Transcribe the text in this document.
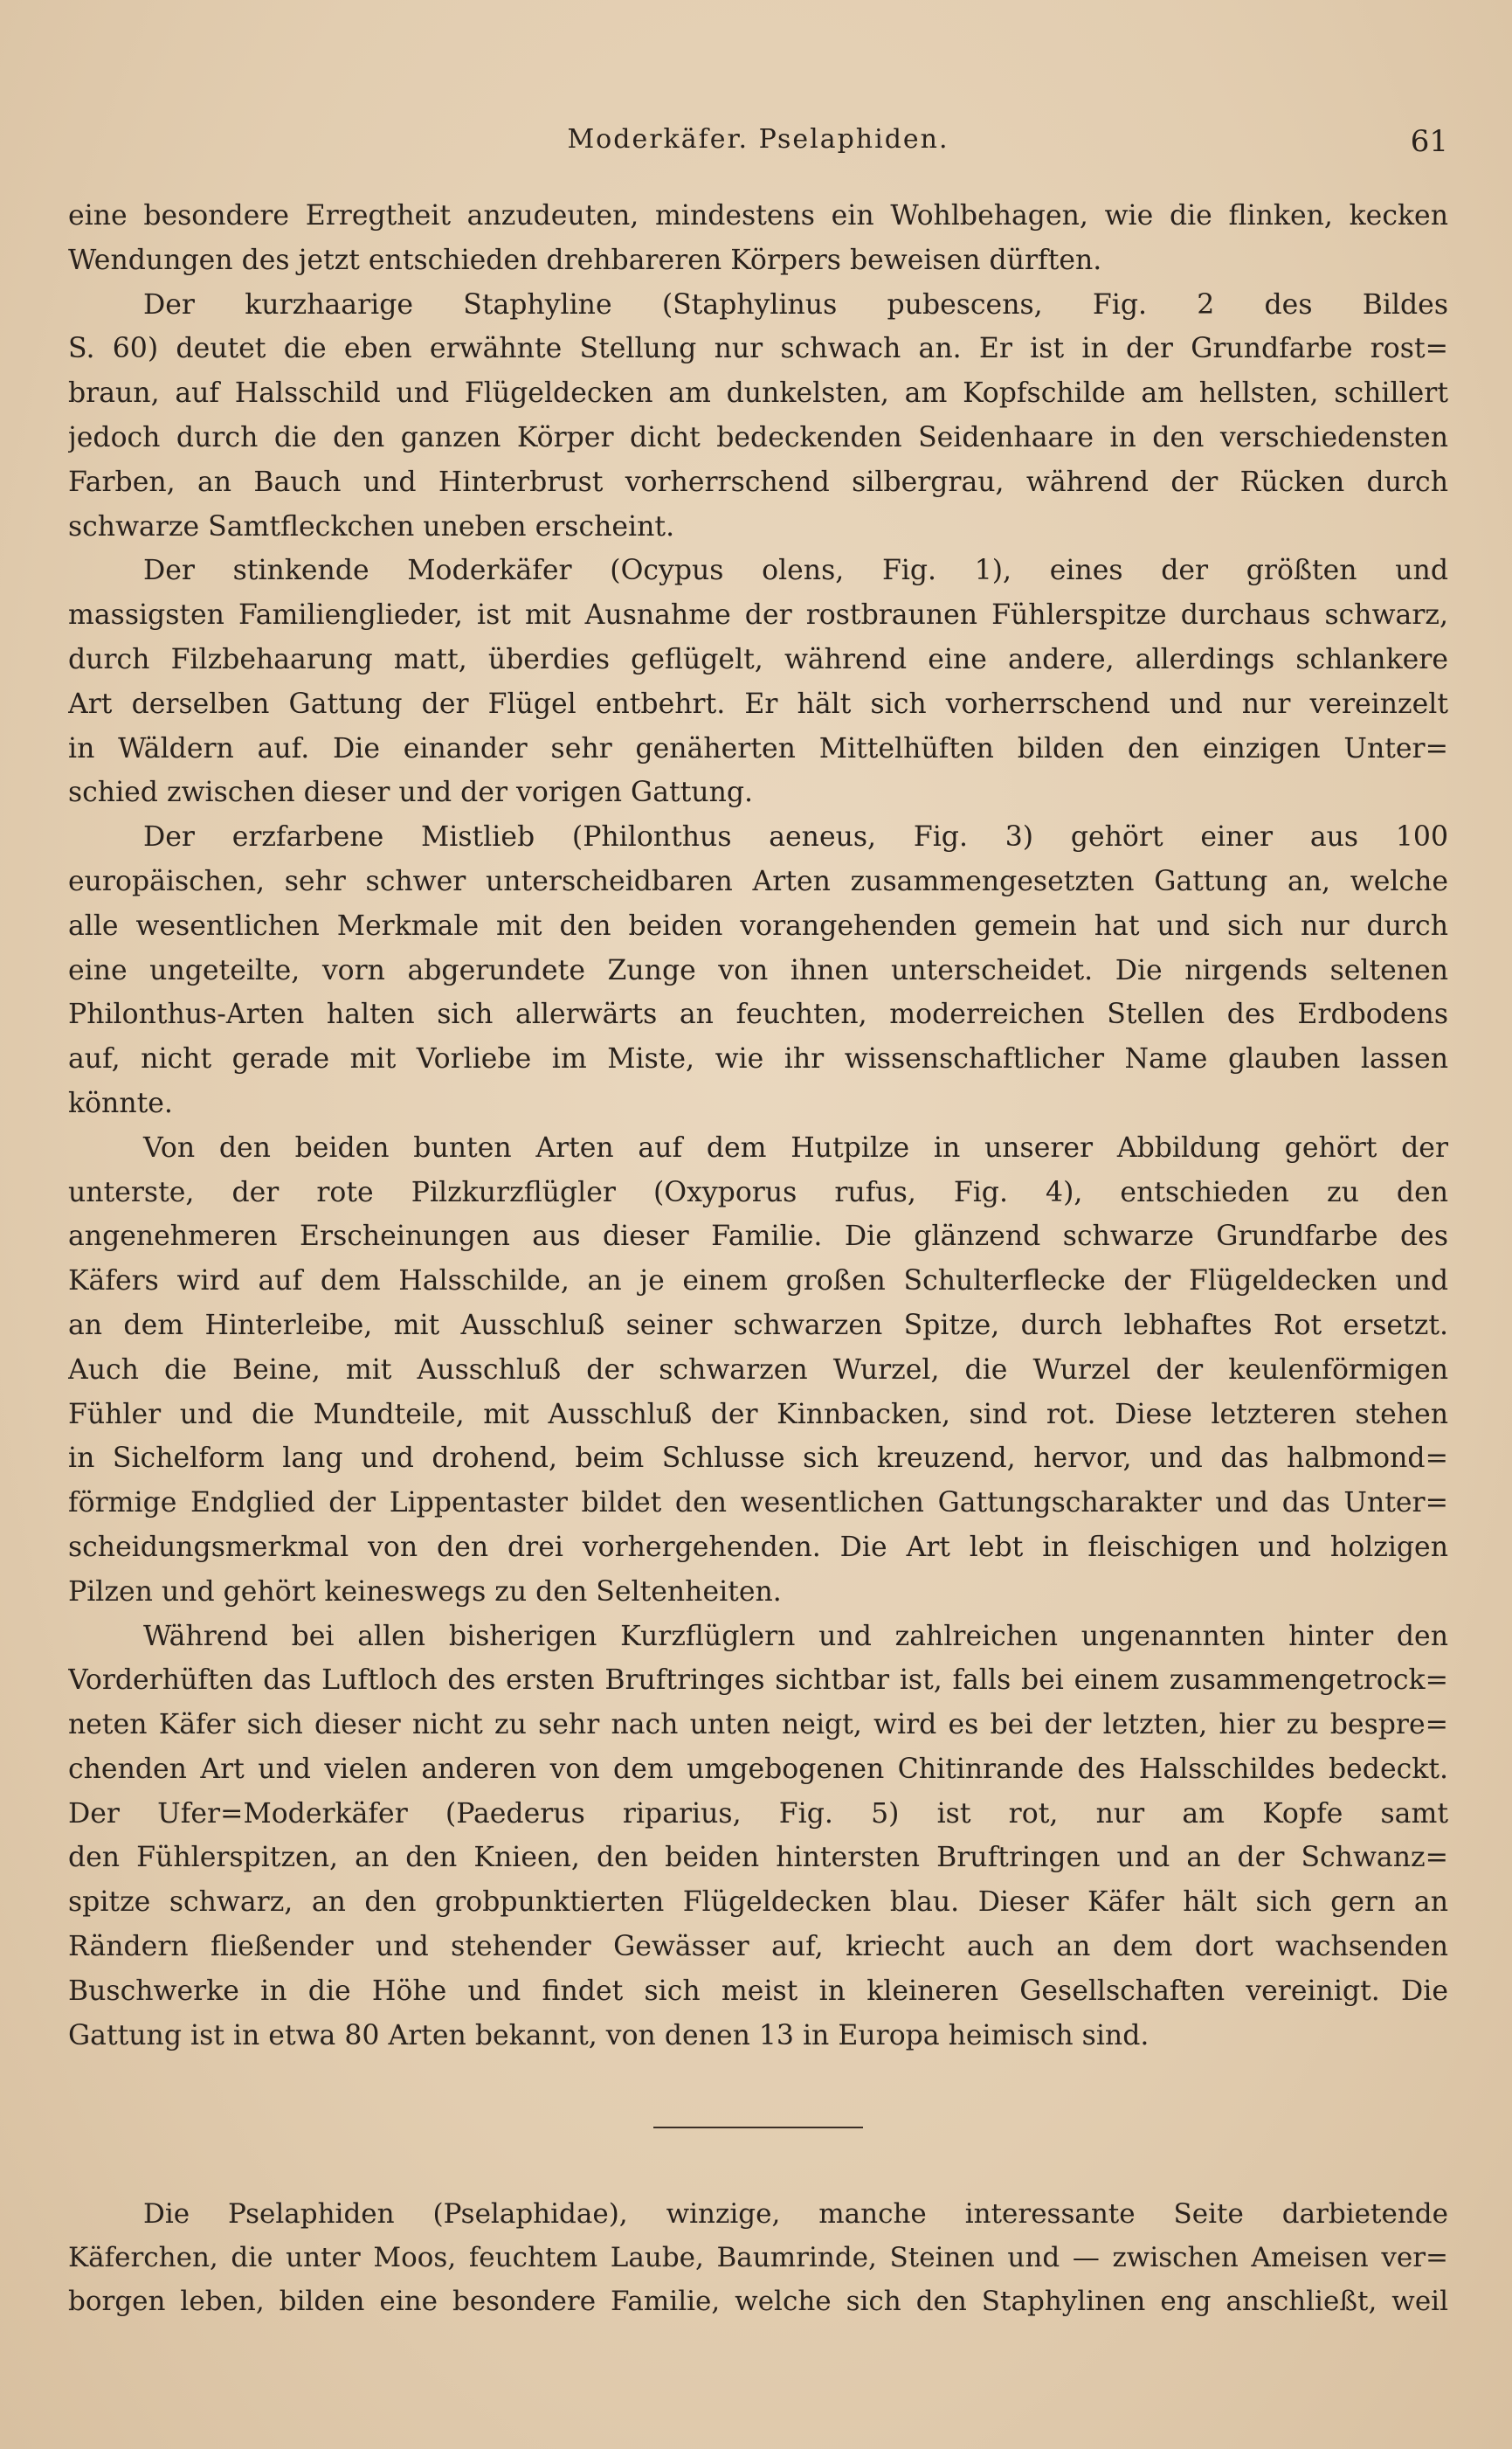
Moderkäfer. Pselaphiden.	61
eine besondere Erregtheit anzudeuten, mindestens ein Wohlbehagen, wie die flinken, kecken
Wendungen des jetzt entschieden drehbareren Körpers beweisen dürften.
Der kurzhaarige Staphyline (Staphylinus pubescens, Fig. 2 des Bildes
S. 60) deutet die eben erwähnte Stellung nur schwach an. Er ist in der Grundfarbe rost=
braun, auf Halsschild und Flügeldecken am dunkelsten, am Kopfschilde am hellsten, schillert
jedoch durch die den ganzen Körper dicht bedeckenden Seidenhaare in den verschiedensten
Farben, an Bauch und Hinterbrust vorherrschend silbergrau, während der Rücken durch
schwarze Samtfleckchen uneben erscheint.
Der stinkende Moderkäfer (Ocypus olens, Fig. 1), eines der größten und
massigsten Familienglieder, ist mit Ausnahme der rostbraunen Fühlerspitze durchaus schwarz,
durch Filzbehaarung matt, überdies geflügelt, während eine andere, allerdings schlankere
Art derselben Gattung der Flügel entbehrt. Er hält sich vorherrschend und nur vereinzelt
in Wäldern auf. Die einander sehr genäherten Mittelhüften bilden den einzigen Unter=
schied zwischen dieser und der vorigen Gattung.
Der erzfarbene Mistlieb (Philonthus aeneus, Fig. 3) gehört einer aus 100
europäischen, sehr schwer unterscheidbaren Arten zusammengesetzten Gattung an, welche
alle wesentlichen Merkmale mit den beiden vorangehenden gemein hat und sich nur durch
eine ungeteilte, vorn abgerundete Zunge von ihnen unterscheidet. Die nirgends seltenen
Philonthus-Arten halten sich allerwärts an feuchten, moderreichen Stellen des Erdbodens
auf, nicht gerade mit Vorliebe im Miste, wie ihr wissenschaftlicher Name glauben lassen
könnte.
Von den beiden bunten Arten auf dem Hutpilze in unserer Abbildung gehört der
unterste, der rote Pilzkurzflügler (Oxyporus rufus, Fig. 4), entschieden zu den
angenehmeren Erscheinungen aus dieser Familie. Die glänzend schwarze Grundfarbe des
Käfers wird auf dem Halsschilde, an je einem großen Schulterflecke der Flügeldecken und
an dem Hinterleibe, mit Ausschluß seiner schwarzen Spitze, durch lebhaftes Rot ersetzt.
Auch die Beine, mit Ausschluß der schwarzen Wurzel, die Wurzel der keulenförmigen
Fühler und die Mundteile, mit Ausschluß der Kinnbacken, sind rot. Diese letzteren stehen
in Sichelform lang und drohend, beim Schlusse sich kreuzend, hervor, und das halbmond=
förmige Endglied der Lippentaster bildet den wesentlichen Gattungscharakter und das Unter=
scheidungsmerkmal von den drei vorhergehenden. Die Art lebt in fleischigen und holzigen
Pilzen und gehört keineswegs zu den Seltenheiten.
Während bei allen bisherigen Kurzflüglern und zahlreichen ungenannten hinter den
Vorderhüften das Luftloch des ersten Bruftringes sichtbar ist, falls bei einem zusammengetrock=
neten Käfer sich dieser nicht zu sehr nach unten neigt, wird es bei der letzten, hier zu bespre=
chenden Art und vielen anderen von dem umgebogenen Chitinrande des Halsschildes bedeckt.
Der Ufer=Moderkäfer (Paederus riparius, Fig. 5) ist rot, nur am Kopfe samt
den Fühlerspitzen, an den Knieen, den beiden hintersten Bruftringen und an der Schwanz=
spitze schwarz, an den grobpunktierten Flügeldecken blau. Dieser Käfer hält sich gern an
Rändern fließender und stehender Gewässer auf, kriecht auch an dem dort wachsenden
Buschwerke in die Höhe und findet sich meist in kleineren Gesellschaften vereinigt. Die
Gattung ist in etwa 80 Arten bekannt, von denen 13 in Europa heimisch sind.
Die Pselaphiden (Pselaphidae), winzige, manche interessante Seite darbietende
Käferchen, die unter Moos, feuchtem Laube, Baumrinde, Steinen und — zwischen Ameisen ver=
borgen leben, bilden eine besondere Familie, welche sich den Staphylinen eng anschließt, weil
